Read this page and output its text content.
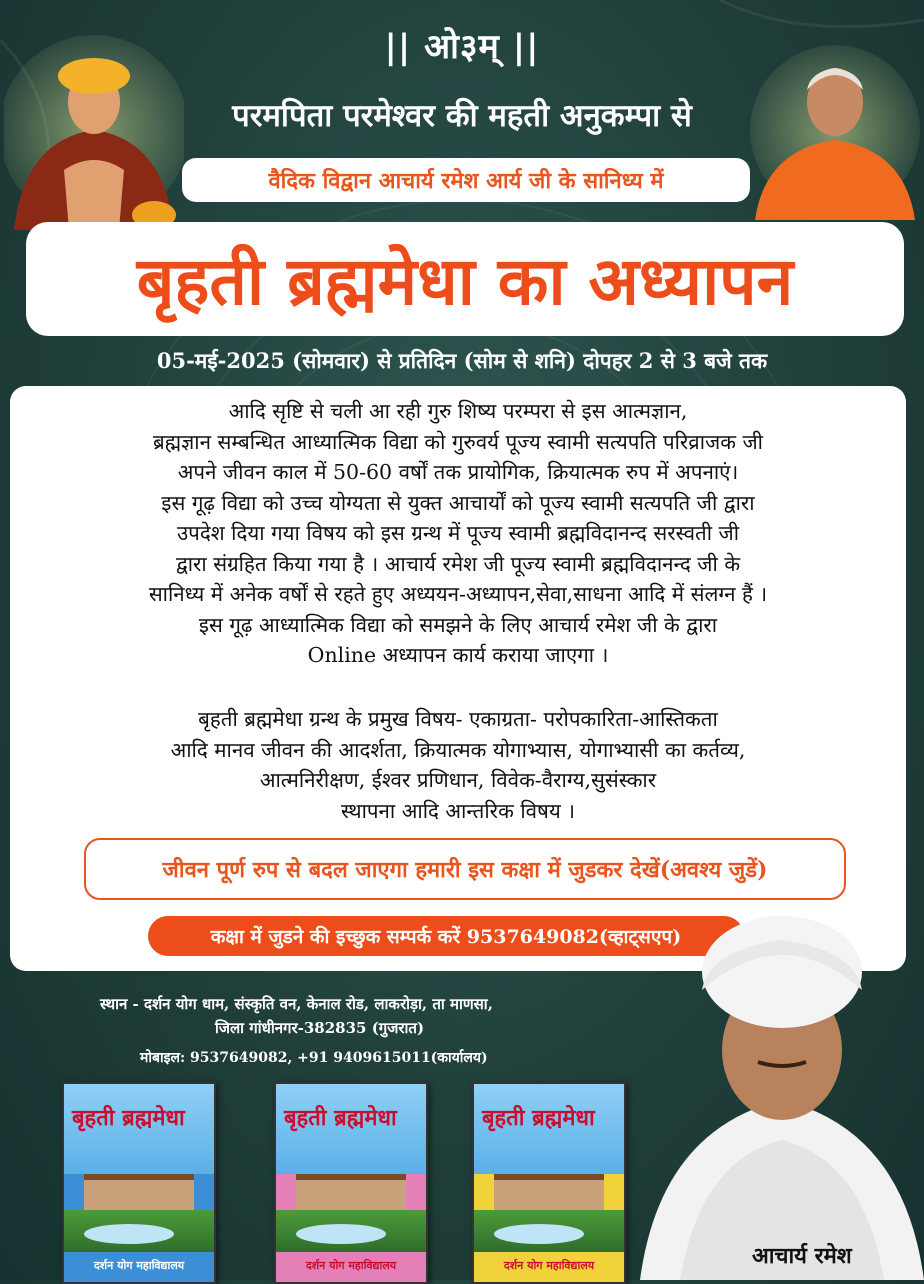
|| ओ३म् ||
परमपिता परमेश्वर की महती अनुकम्पा से
वैदिक विद्वान आचार्य रमेश आर्य जी के सानिध्य में
बृहती ब्रह्ममेधा का अध्यापन
05-मई-2025 (सोमवार) से प्रतिदिन (सोम से शनि) दोपहर 2 से 3 बजे तक
आदि सृष्टि से चली आ रही गुरु शिष्य परम्परा से इस आत्मज्ञान,
ब्रह्मज्ञान सम्बन्धित आध्यात्मिक विद्या को गुरुवर्य पूज्य स्वामी सत्यपति परिव्राजक जी
अपने जीवन काल में 50-60 वर्षों तक प्रायोगिक, क्रियात्मक रुप में अपनाएं।
इस गूढ़ विद्या को उच्च योग्यता से युक्त आचार्यों को पूज्य स्वामी सत्यपति जी द्वारा
उपदेश दिया गया विषय को इस ग्रन्थ में पूज्य स्वामी ब्रह्मविदानन्द सरस्वती जी
द्वारा संग्रहित किया गया है । आचार्य रमेश जी पूज्य स्वामी ब्रह्मविदानन्द जी के
सानिध्य में अनेक वर्षों से रहते हुए अध्ययन-अध्यापन,सेवा,साधना आदि में संलग्न हैं ।
इस गूढ़ आध्यात्मिक विद्या को समझने के लिए आचार्य रमेश जी के द्वारा
Online अध्यापन कार्य कराया जाएगा ।
बृहती ब्रह्ममेधा ग्रन्थ के प्रमुख विषय- एकाग्रता- परोपकारिता-आस्तिकता
आदि मानव जीवन की आदर्शता, क्रियात्मक योगाभ्यास, योगाभ्यासी का कर्तव्य,
आत्मनिरीक्षण, ईश्वर प्रणिधान, विवेक-वैराग्य,सुसंस्कार
स्थापना आदि आन्तरिक विषय ।
जीवन पूर्ण रुप से बदल जाएगा हमारी इस कक्षा में जुडकर देखें(अवश्य जुडें)
कक्षा में जुडने की इच्छुक सम्पर्क करें 9537649082(व्हाट्सएप)
स्थान - दर्शन योग धाम, संस्कृति वन, केनाल रोड, लाकरोड़ा, ता माणसा,
जिला गांधीनगर-382835 (गुजरात)
मोबाइल: 9537649082, +91 9409615011(कार्यालय)
बृहती ब्रह्ममेधा
दर्शन योग महाविद्यालय
बृहती ब्रह्ममेधा
दर्शन योग महाविद्यालय
बृहती ब्रह्ममेधा
दर्शन योग महाविद्यालय	आचार्य रमेश
